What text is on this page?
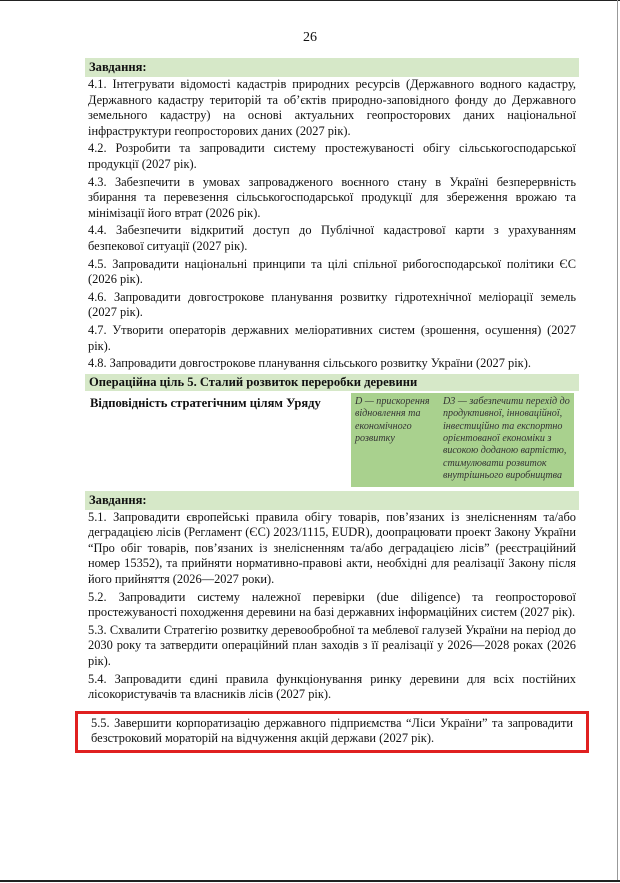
26
Завдання:

4.1. Інтегрувати відомості кадастрів природних ресурсів (Державного водного кадастру, Державного кадастру територій та об’єктів природно-заповідного фонду до Державного земельного кадастру) на основі актуальних геопросторових даних національної інфраструктури геопросторових даних (2027 рік).

4.2. Розробити та запровадити систему простежуваності обігу сільськогосподарської продукції (2027 рік).

4.3. Забезпечити в умовах запровадженого воєнного стану в Україні безперервність збирання та перевезення сільськогосподарської продукції для збереження врожаю та мінімізації його втрат (2026 рік).

4.4. Забезпечити відкритий доступ до Публічної кадастрової карти з урахуванням безпекової ситуації (2027 рік).

4.5. Запровадити національні принципи та цілі спільної рибогосподарської політики ЄС (2026 рік).

4.6. Запровадити довгострокове планування розвитку гідротехнічної меліорації земель (2027 рік).

4.7. Утворити операторів державних меліоративних систем (зрошення, осушення) (2027 рік).

4.8. Запровадити довгострокове планування сільського розвитку України (2027 рік).

Операційна ціль 5. Сталий розвиток переробки деревини
Відповідність стратегічним цілям Уряду	D — прискорення відновлення та економічного розвитку
D3 — забезпечити перехід до продуктивної, інноваційної, інвестиційно та експортно орієнтованої економіки з високою доданою вартістю, стимулювати розвиток внутрішнього виробництва
Завдання:

5.1. Запровадити європейські правила обігу товарів, пов’язаних із знелісненням та/або деградацією лісів (Регламент (ЄС) 2023/1115, EUDR), доопрацювати проект Закону України “Про обіг товарів, пов’язаних із знелісненням та/або деградацією лісів” (реєстраційний номер 15352), та прийняти нормативно-правові акти, необхідні для реалізації Закону після його прийняття (2026—2027 роки).

5.2. Запровадити систему належної перевірки (due diligence) та геопросторової простежуваності походження деревини на базі державних інформаційних систем (2027 рік).

5.3. Схвалити Стратегію розвитку деревообробної та меблевої галузей України на період до 2030 року та затвердити операційний план заходів з її реалізації у 2026—2028 роках (2026 рік).

5.4. Запровадити єдині правила функціонування ринку деревини для всіх постійних лісокористувачів та власників лісів (2027 рік).

5.5. Завершити корпоратизацію державного підприємства “Ліси України” та запровадити безстроковий мораторій на відчуження акцій держави (2027 рік).
